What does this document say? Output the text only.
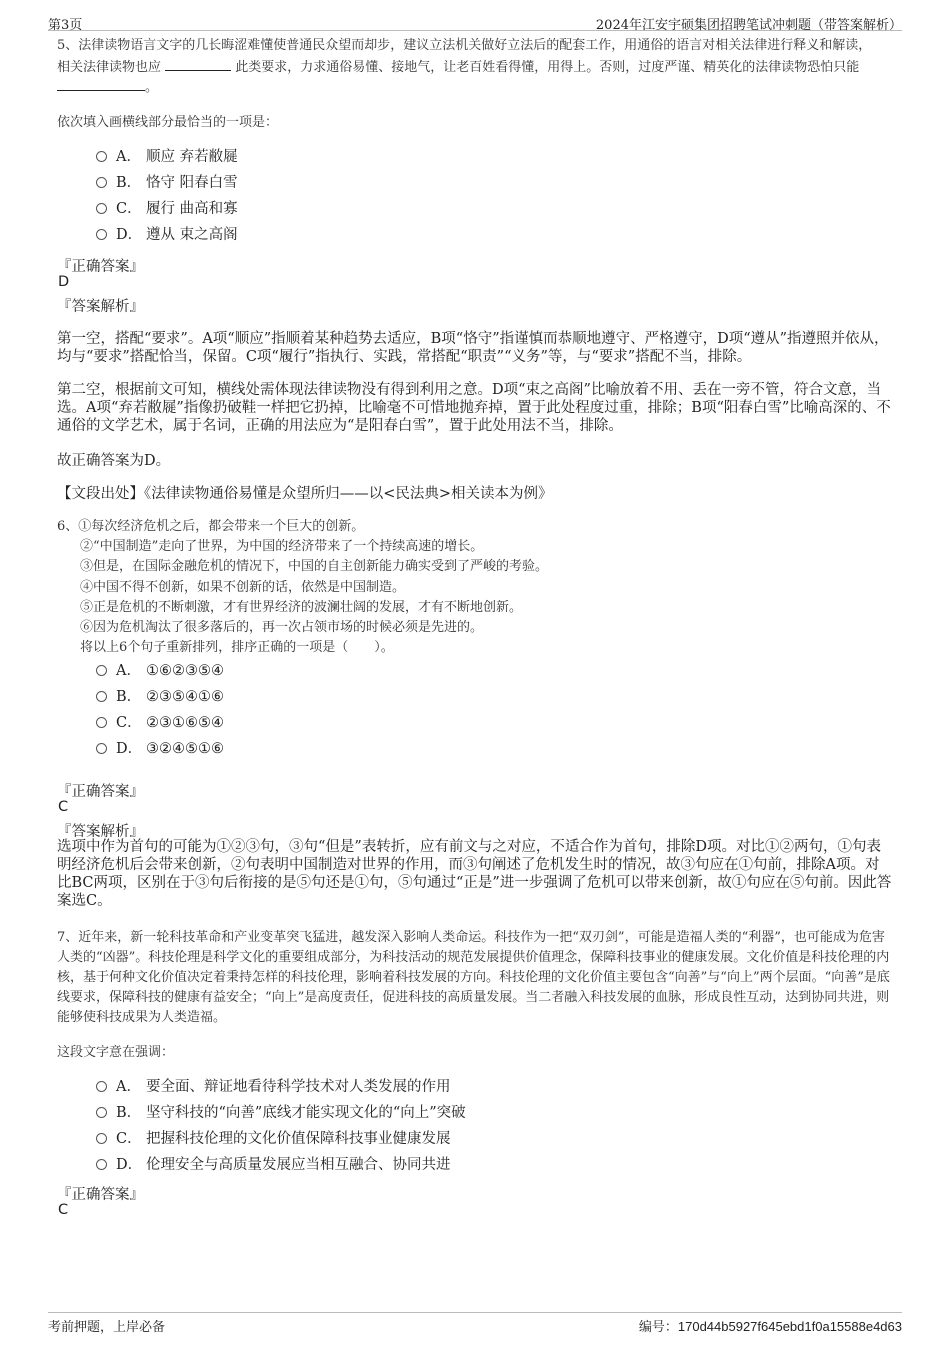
第3页	2024年江安宇硕集团招聘笔试冲刺题（带答案解析）
5、法律读物语言文字的几长晦涩难懂使普通民众望而却步，建议立法机关做好立法后的配套工作，用通俗的语言对相关法律进行释义和解读，
相关法律读物也应	此类要求，力求通俗易懂、接地气，让老百姓看得懂，用得上。否则，过度严谨、精英化的法律读物恐怕只能
。
依次填入画横线部分最恰当的一项是：
A． 顺应 弃若敝屣
B． 恪守 阳春白雪
C． 履行 曲高和寡
D． 遵从 束之高阁
『正确答案』
D
『答案解析』
第一空，搭配“要求”。A项“顺应”指顺着某种趋势去适应，B项“恪守”指谨慎而恭顺地遵守、严格遵守，D项“遵从”指遵照并依从，均与“要求”搭配恰当，保留。C项“履行”指执行、实践，常搭配“职责”“义务”等，与“要求”搭配不当，排除。
第二空，根据前文可知，横线处需体现法律读物没有得到利用之意。D项“束之高阁”比喻放着不用、丢在一旁不管，符合文意，当选。A项“弃若敝屣”指像扔破鞋一样把它扔掉，比喻毫不可惜地抛弃掉，置于此处程度过重，排除；B项“阳春白雪”比喻高深的、不通俗的文学艺术，属于名词，正确的用法应为“是阳春白雪”，置于此处用法不当，排除。
故正确答案为D。
【文段出处】《法律读物通俗易懂是众望所归——以<民法典>相关读本为例》
6、①每次经济危机之后，都会带来一个巨大的创新。
②“中国制造”走向了世界，为中国的经济带来了一个持续高速的增长。
③但是，在国际金融危机的情况下，中国的自主创新能力确实受到了严峻的考验。
④中国不得不创新，如果不创新的话，依然是中国制造。
⑤正是危机的不断刺激，才有世界经济的波澜壮阔的发展，才有不断地创新。
⑥因为危机淘汰了很多落后的，再一次占领市场的时候必须是先进的。
将以上6个句子重新排列，排序正确的一项是（　　）。
A． ①⑥②③⑤④
B． ②③⑤④①⑥
C． ②③①⑥⑤④
D． ③②④⑤①⑥
『正确答案』
C
『答案解析』
选项中作为首句的可能为①②③句，③句“但是”表转折，应有前文与之对应，不适合作为首句，排除D项。对比①②两句，①句表明经济危机后会带来创新，②句表明中国制造对世界的作用，而③句阐述了危机发生时的情况，故③句应在①句前，排除A项。对比BC两项，区别在于③句后衔接的是⑤句还是①句，⑤句通过“正是”进一步强调了危机可以带来创新，故①句应在⑤句前。因此答案选C。
7、近年来，新一轮科技革命和产业变革突飞猛进，越发深入影响人类命运。科技作为一把“双刃剑”，可能是造福人类的“利器”，也可能成为危害人类的“凶器”。科技伦理是科学文化的重要组成部分，为科技活动的规范发展提供价值理念，保障科技事业的健康发展。文化价值是科技伦理的内核，基于何种文化价值决定着秉持怎样的科技伦理，影响着科技发展的方向。科技伦理的文化价值主要包含“向善”与“向上”两个层面。“向善”是底线要求，保障科技的健康有益安全；“向上”是高度责任，促进科技的高质量发展。当二者融入科技发展的血脉，形成良性互动，达到协同共进，则能够使科技成果为人类造福。
这段文字意在强调：
A． 要全面、辩证地看待科学技术对人类发展的作用
B． 坚守科技的“向善”底线才能实现文化的“向上”突破
C． 把握科技伦理的文化价值保障科技事业健康发展
D． 伦理安全与高质量发展应当相互融合、协同共进
『正确答案』
C
考前押题，上岸必备	编号：170d44b5927f645ebd1f0a15588e4d63
